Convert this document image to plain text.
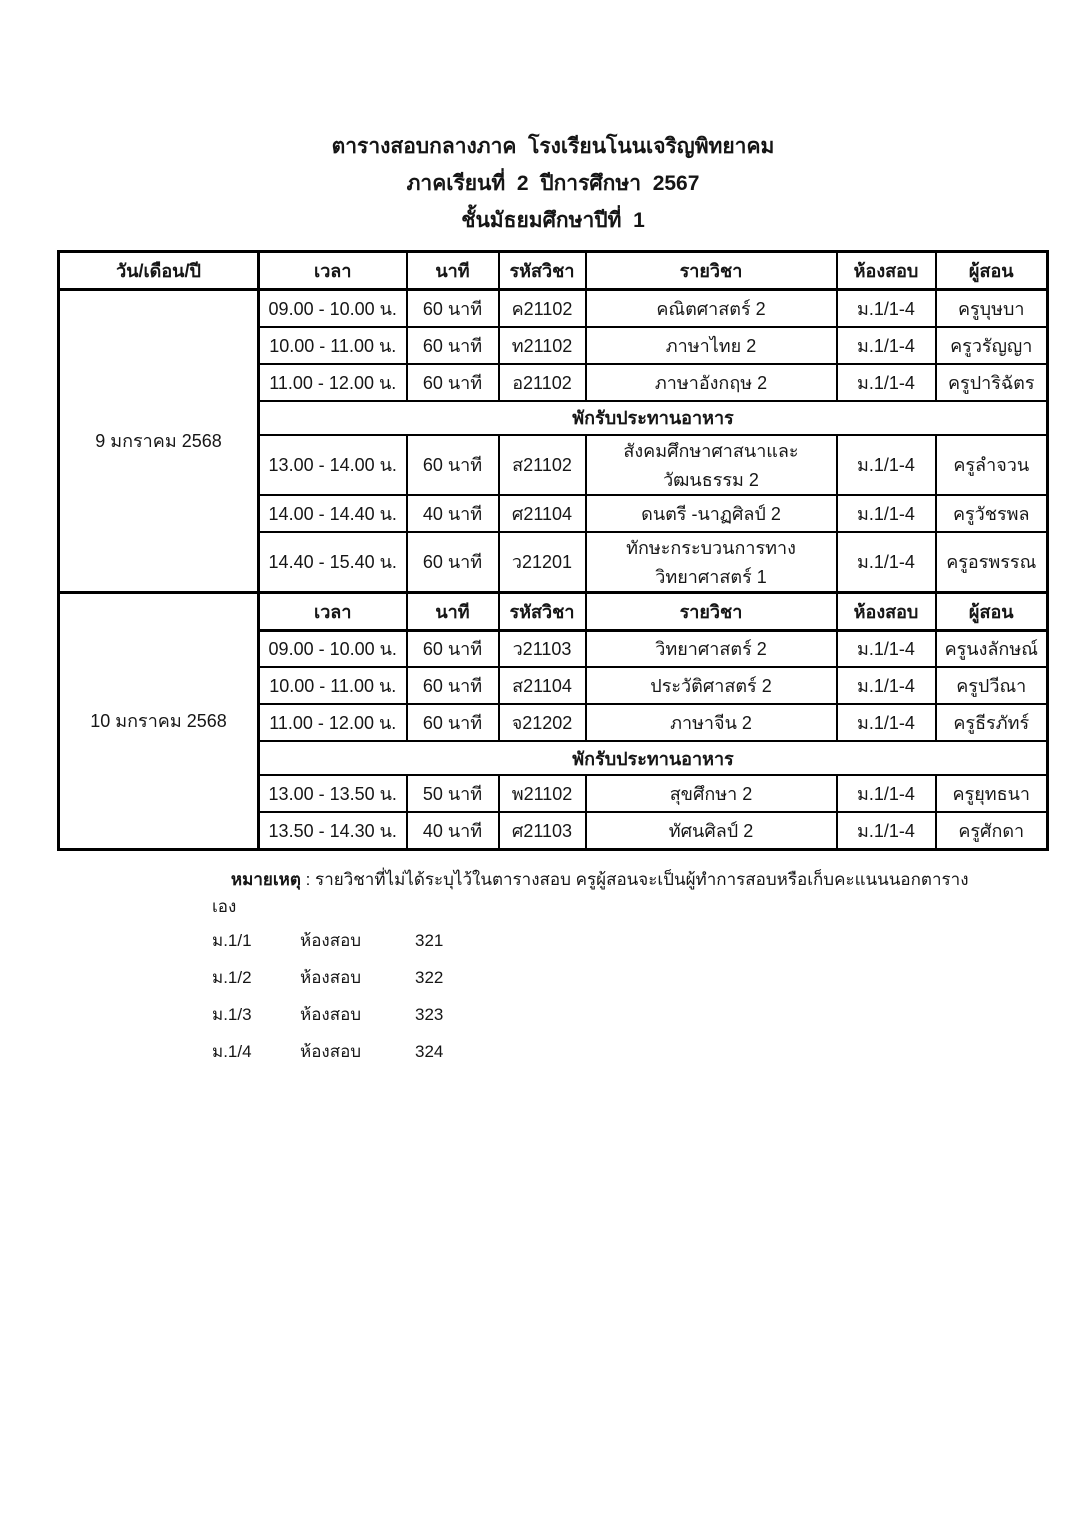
ตารางสอบกลางภาค  โรงเรียนโนนเจริญพิทยาคม
ภาคเรียนที่  2  ปีการศึกษา  2567
ชั้นมัธยมศึกษาปีที่  1
วัน/เดือน/ปี	เวลา	นาที	รหัสวิชา	รายวิชา	ห้องสอบ	ผู้สอน
9 มกราคม 2568	09.00 - 10.00 น.	60 นาที	ค21102	คณิตศาสตร์ 2	ม.1/1-4	ครูบุษบา
	10.00 - 11.00 น.	60 นาที	ท21102	ภาษาไทย 2	ม.1/1-4	ครูวรัญญา
	11.00 - 12.00 น.	60 นาที	อ21102	ภาษาอังกฤษ 2	ม.1/1-4	ครูปาริฉัตร
	พักรับประทานอาหาร					
	13.00 - 14.00 น.	60 นาที	ส21102	สังคมศึกษาศาสนาและวัฒนธรรม 2	ม.1/1-4	ครูลำจวน
	14.00 - 14.40 น.	40 นาที	ศ21104	ดนตรี -นาฏศิลป์ 2	ม.1/1-4	ครูวัชรพล
	14.40 - 15.40 น.	60 นาที	ว21201	ทักษะกระบวนการทางวิทยาศาสตร์ 1	ม.1/1-4	ครูอรพรรณ
10 มกราคม 2568	เวลา	นาที	รหัสวิชา	รายวิชา	ห้องสอบ	ผู้สอน
	09.00 - 10.00 น.	60 นาที	ว21103	วิทยาศาสตร์ 2	ม.1/1-4	ครูนงลักษณ์
	10.00 - 11.00 น.	60 นาที	ส21104	ประวัติศาสตร์ 2	ม.1/1-4	ครูปวีณา
	11.00 - 12.00 น.	60 นาที	จ21202	ภาษาจีน 2	ม.1/1-4	ครูธีรภัทร์
	พักรับประทานอาหาร					
	13.00 - 13.50 น.	50 นาที	พ21102	สุขศึกษา 2	ม.1/1-4	ครูยุทธนา
	13.50 - 14.30 น.	40 นาที	ศ21103	ทัศนศิลป์ 2	ม.1/1-4	ครูศักดา

หมายเหตุ : รายวิชาที่ไม่ได้ระบุไว้ในตารางสอบ ครูผู้สอนจะเป็นผู้ทำการสอบหรือเก็บคะแนนนอกตารางเอง

ม.1/1	ห้องสอบ	321
ม.1/2	ห้องสอบ	322
ม.1/3	ห้องสอบ	323
ม.1/4	ห้องสอบ	324
